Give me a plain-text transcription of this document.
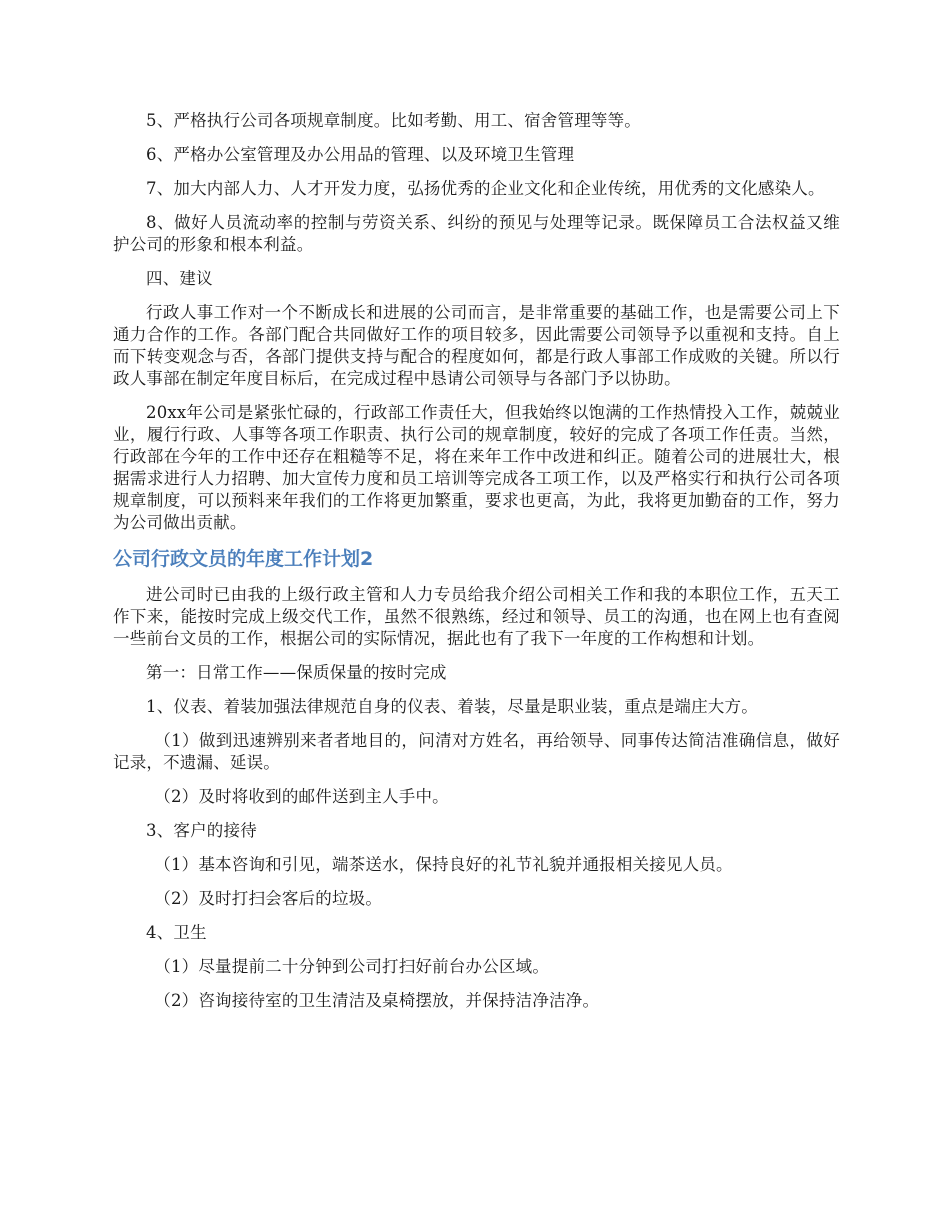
5、严格执行公司各项规章制度。比如考勤、用工、宿舍管理等等。

6、严格办公室管理及办公用品的管理、以及环境卫生管理

7、加大内部人力、人才开发力度，弘扬优秀的企业文化和企业传统，用优秀的文化感染人。

8、做好人员流动率的控制与劳资关系、纠纷的预见与处理等记录。既保障员工合法权益又维护公司的形象和根本利益。

四、建议

行政人事工作对一个不断成长和进展的公司而言，是非常重要的基础工作，也是需要公司上下通力合作的工作。各部门配合共同做好工作的项目较多，因此需要公司领导予以重视和支持。自上而下转变观念与否，各部门提供支持与配合的程度如何，都是行政人事部工作成败的关键。所以行政人事部在制定年度目标后，在完成过程中恳请公司领导与各部门予以协助。

20xx年公司是紧张忙碌的，行政部工作责任大，但我始终以饱满的工作热情投入工作，兢兢业业，履行行政、人事等各项工作职责、执行公司的规章制度，较好的完成了各项工作任责。当然，行政部在今年的工作中还存在粗糙等不足，将在来年工作中改进和纠正。随着公司的进展壮大，根据需求进行人力招聘、加大宣传力度和员工培训等完成各工项工作，以及严格实行和执行公司各项规章制度，可以预料来年我们的工作将更加繁重，要求也更高，为此，我将更加勤奋的工作，努力为公司做出贡献。

公司行政文员的年度工作计划2

进公司时已由我的上级行政主管和人力专员给我介绍公司相关工作和我的本职位工作，五天工作下来，能按时完成上级交代工作，虽然不很熟练，经过和领导、员工的沟通，也在网上也有查阅一些前台文员的工作，根据公司的实际情况，据此也有了我下一年度的工作构想和计划。

第一：日常工作——保质保量的按时完成

1、仪表、着装加强法律规范自身的仪表、着装，尽量是职业装，重点是端庄大方。

（1）做到迅速辨别来者者地目的，问清对方姓名，再给领导、同事传达简洁准确信息，做好记录，不遗漏、延误。

（2）及时将收到的邮件送到主人手中。

3、客户的接待

（1）基本咨询和引见，端茶送水，保持良好的礼节礼貌并通报相关接见人员。

（2）及时打扫会客后的垃圾。

4、卫生

（1）尽量提前二十分钟到公司打扫好前台办公区域。

（2）咨询接待室的卫生清洁及桌椅摆放，并保持洁净洁净。
